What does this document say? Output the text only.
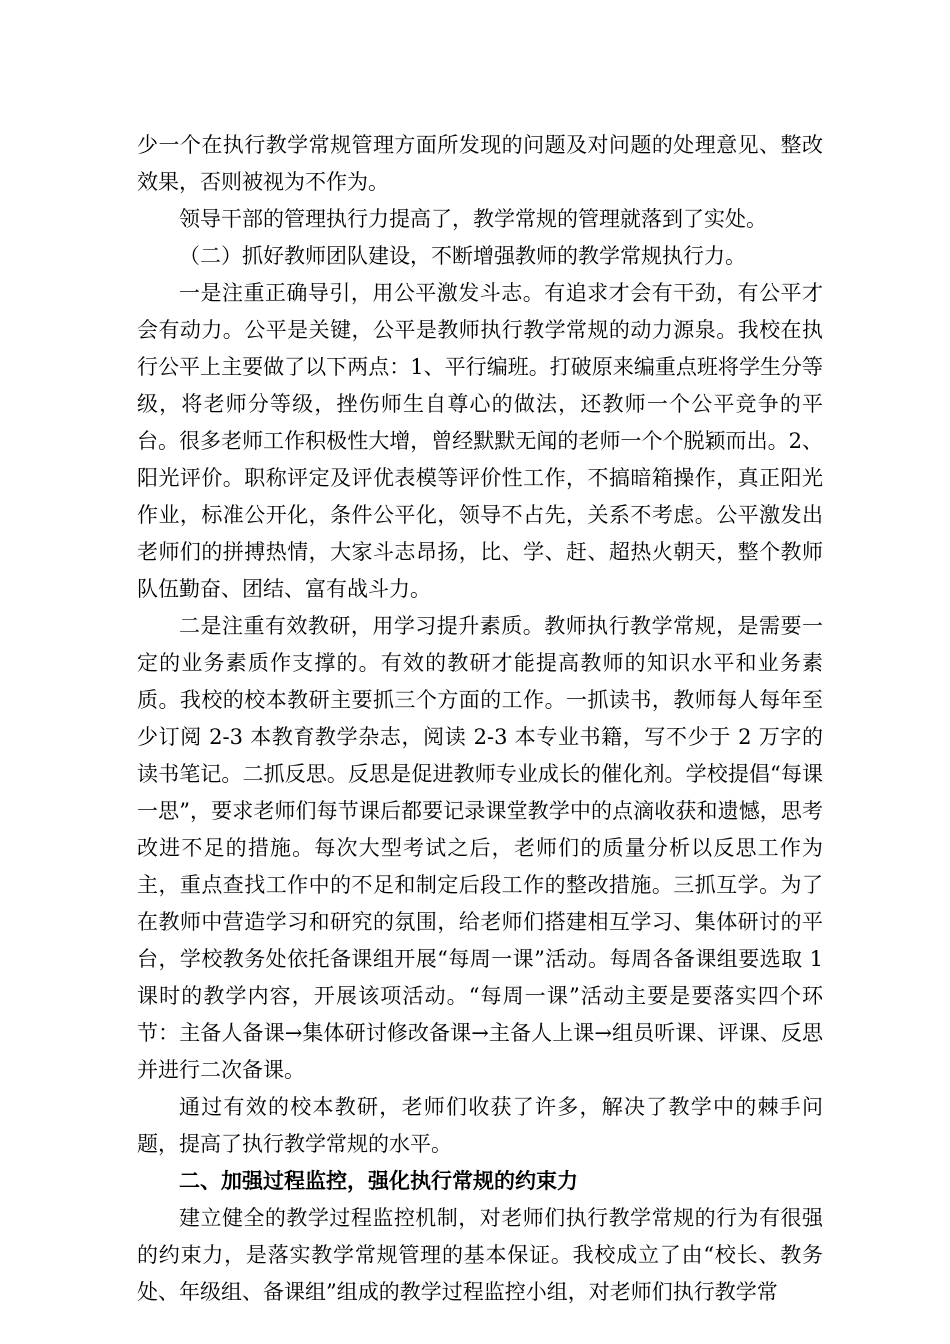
少一个在执行教学常规管理方面所发现的问题及对问题的处理意见、整改效果，否则被视为不作为。

领导干部的管理执行力提高了，教学常规的管理就落到了实处。

（二）抓好教师团队建设，不断增强教师的教学常规执行力。

一是注重正确导引，用公平激发斗志。有追求才会有干劲，有公平才会有动力。公平是关键，公平是教师执行教学常规的动力源泉。我校在执行公平上主要做了以下两点：1、平行编班。打破原来编重点班将学生分等级，将老师分等级，挫伤师生自尊心的做法，还教师一个公平竞争的平台。很多老师工作积极性大增，曾经默默无闻的老师一个个脱颖而出。2、阳光评价。职称评定及评优表模等评价性工作，不搞暗箱操作，真正阳光作业，标准公开化，条件公平化，领导不占先，关系不考虑。公平激发出老师们的拼搏热情，大家斗志昂扬，比、学、赶、超热火朝天，整个教师队伍勤奋、团结、富有战斗力。

二是注重有效教研，用学习提升素质。教师执行教学常规，是需要一定的业务素质作支撑的。有效的教研才能提高教师的知识水平和业务素质。我校的校本教研主要抓三个方面的工作。一抓读书，教师每人每年至少订阅 2-3 本教育教学杂志，阅读 2-3 本专业书籍，写不少于 2 万字的读书笔记。二抓反思。反思是促进教师专业成长的催化剂。学校提倡“每课一思”，要求老师们每节课后都要记录课堂教学中的点滴收获和遗憾，思考改进不足的措施。每次大型考试之后，老师们的质量分析以反思工作为主，重点查找工作中的不足和制定后段工作的整改措施。三抓互学。为了在教师中营造学习和研究的氛围，给老师们搭建相互学习、集体研讨的平台，学校教务处依托备课组开展“每周一课”活动。每周各备课组要选取 1 课时的教学内容，开展该项活动。“每周一课”活动主要是要落实四个环节：主备人备课→集体研讨修改备课→主备人上课→组员听课、评课、反思并进行二次备课。

通过有效的校本教研，老师们收获了许多，解决了教学中的棘手问题，提高了执行教学常规的水平。

二、加强过程监控，强化执行常规的约束力

建立健全的教学过程监控机制，对老师们执行教学常规的行为有很强的约束力，是落实教学常规管理的基本保证。我校成立了由“校长、教务处、年级组、备课组”组成的教学过程监控小组，对老师们执行教学常
